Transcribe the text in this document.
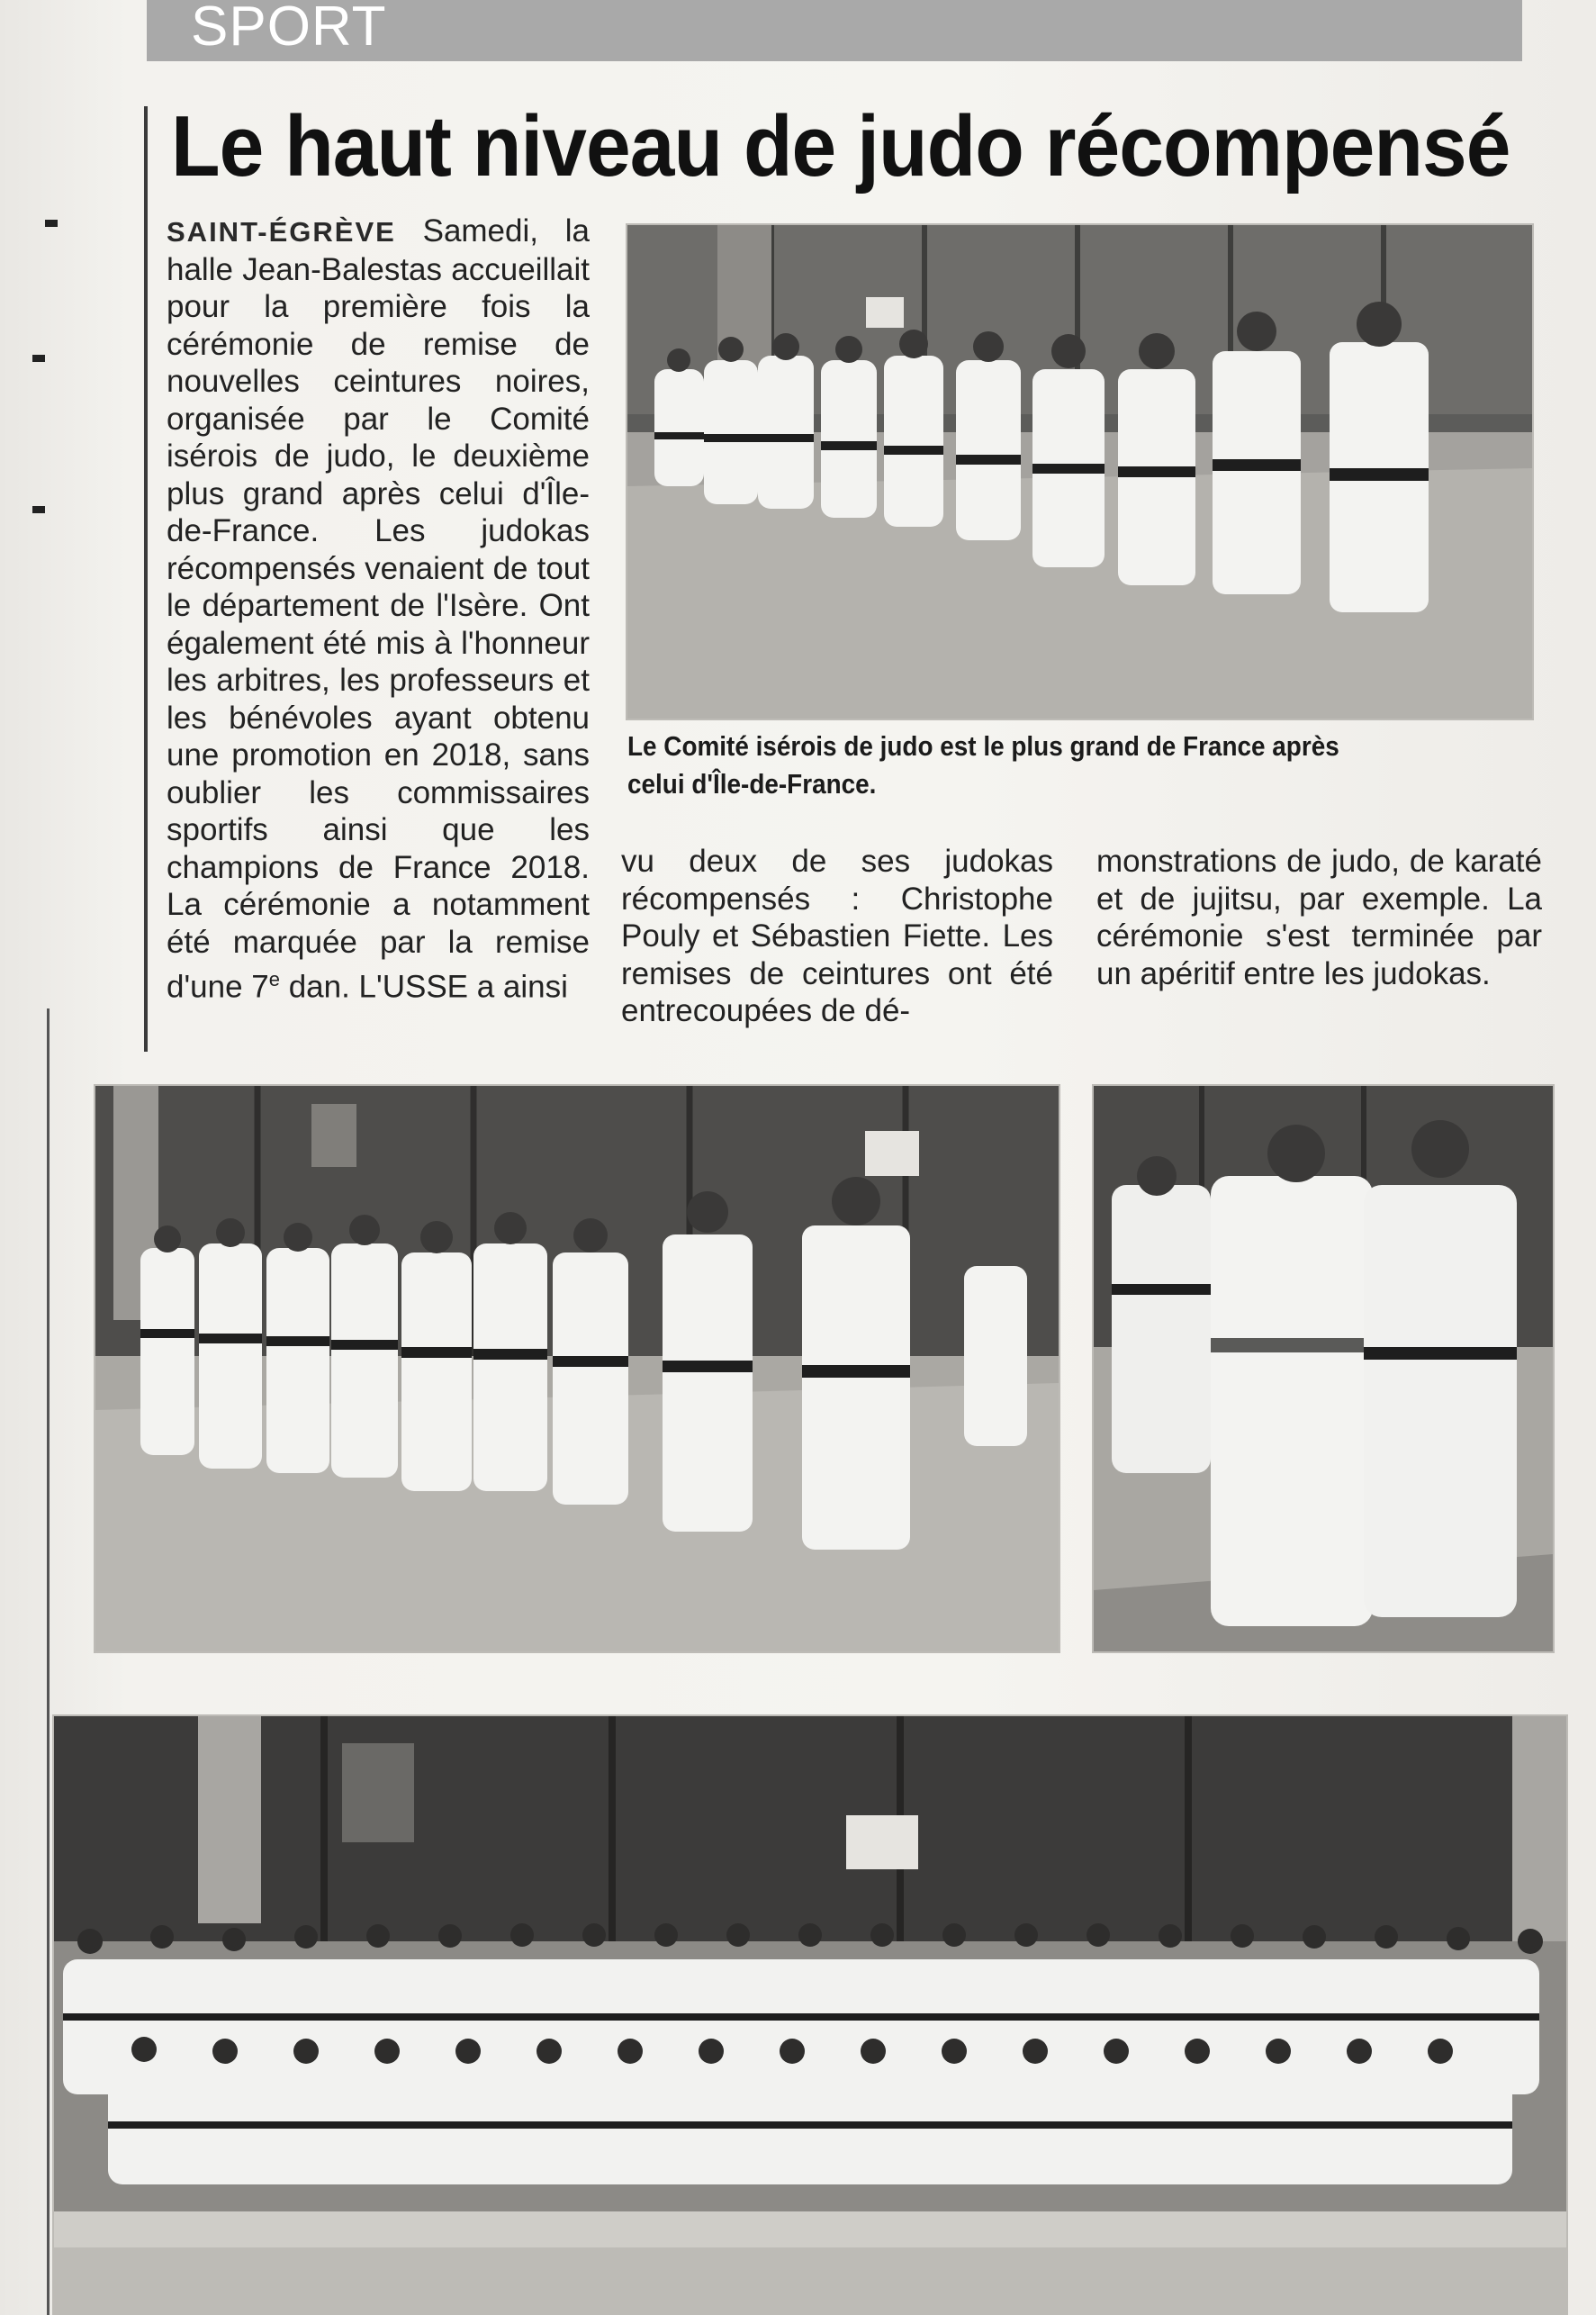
SPORT
Le haut niveau de judo récompensé
Le Comité isérois de judo est le plus grand de France après celui d'Île-de-France.
SAINT-ÉGRÈVE Samedi, la halle Jean-Balestas accueillait pour la première fois la cérémonie de remise de nouvelles ceintures noires, organisée par le Comité isérois de judo, le deuxième plus grand après celui d'Île-de-France. Les judokas récompensés venaient de tout le département de l'Isère. Ont également été mis à l'honneur les arbitres, les professeurs et les bénévoles ayant obtenu une promotion en 2018, sans oublier les commissaires sportifs ainsi que les champions de France 2018. La cérémonie a notamment été marquée par la remise d'une 7e dan. L'USSE a ainsi
vu deux de ses judokas récompensés : Christophe Pouly et Sébastien Fiette. Les remises de ceintures ont été entrecoupées de dé-
monstrations de judo, de karaté et de jujitsu, par exemple. La cérémonie s'est terminée par un apéritif entre les judokas.
